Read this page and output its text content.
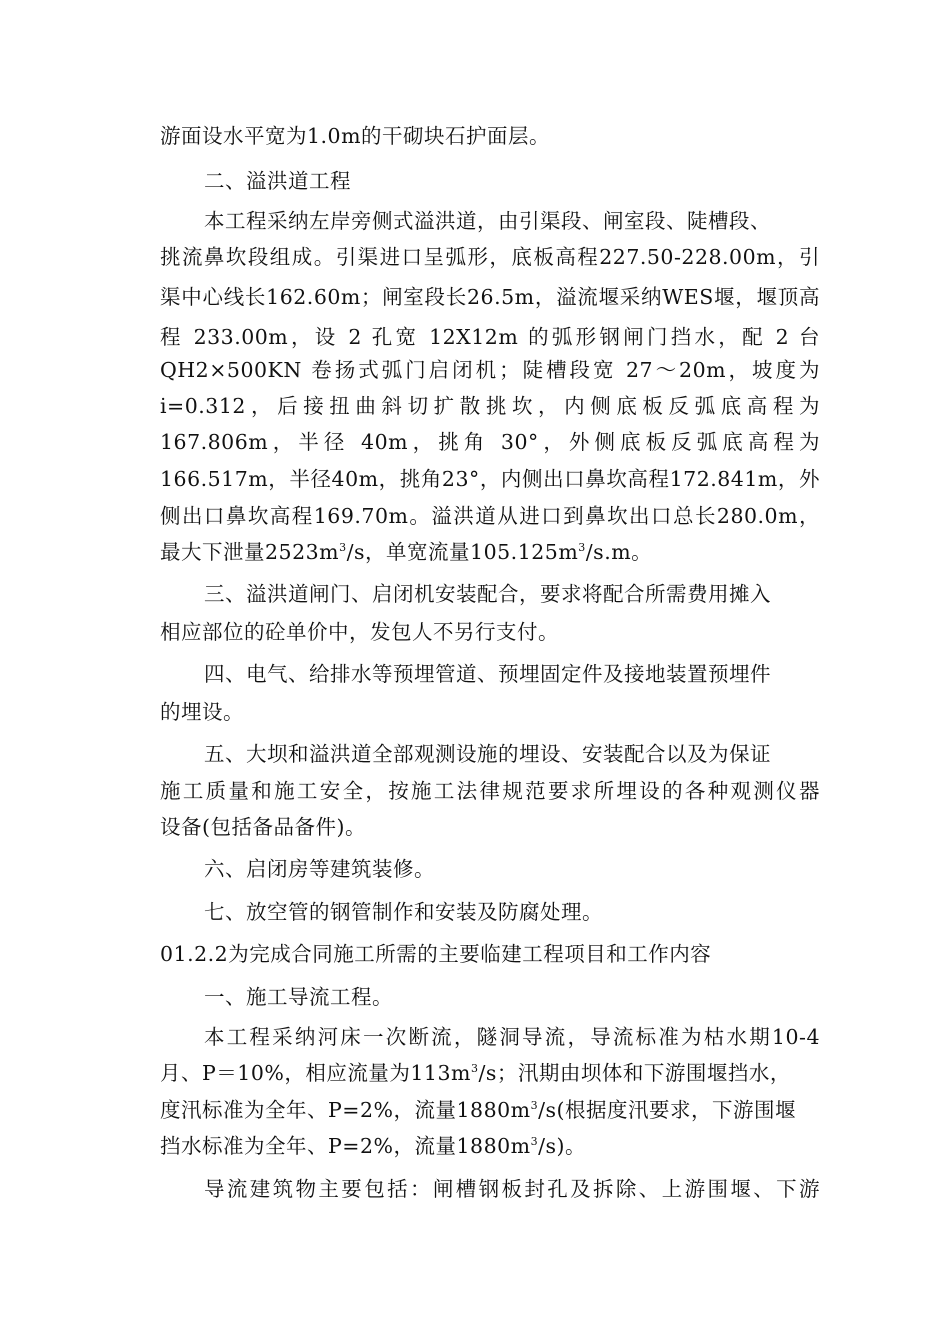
游面设水平宽为1.0m的干砌块石护面层。
二、溢洪道工程
本工程采纳左岸旁侧式溢洪道，由引渠段、闸室段、陡槽段、
挑流鼻坎段组成。引渠进口呈弧形，底板高程227.50-228.00m，引
渠中心线长162.60m；闸室段长26.5m，溢流堰采纳WES堰，堰顶高
程 233.00m，设 2 孔宽 12X12m 的弧形钢闸门挡水，配 2 台
QH2×500KN 卷扬式弧门启闭机；陡槽段宽 27～20m，坡度为
i=0.312，后接扭曲斜切扩散挑坎，内侧底板反弧底高程为
167.806m，半径 40m，挑角 30°，外侧底板反弧底高程为
166.517m，半径40m，挑角23°，内侧出口鼻坎高程172.841m，外
侧出口鼻坎高程169.70m。溢洪道从进口到鼻坎出口总长280.0m，
最大下泄量$2523m^3/s$，单宽流量$105.125m^3/s.m$。
三、溢洪道闸门、启闭机安装配合，要求将配合所需费用摊入
相应部位的砼单价中，发包人不另行支付。
四、电气、给排水等预埋管道、预埋固定件及接地装置预埋件
的埋设。
五、大坝和溢洪道全部观测设施的埋设、安装配合以及为保证
施工质量和施工安全，按施工法律规范要求所埋设的各种观测仪器
设备(包括备品备件)。
六、启闭房等建筑装修。
七、放空管的钢管制作和安装及防腐处理。
01.2.2为完成合同施工所需的主要临建工程项目和工作内容
一、施工导流工程。
本工程采纳河床一次断流，隧洞导流，导流标准为枯水期10-4
月、P＝10%，相应流量为$113m^3/s$；汛期由坝体和下游围堰挡水，
度汛标准为全年、P=2%，流量$1880m^3/s$(根据度汛要求，下游围堰
挡水标准为全年、P=2%，流量$1880m^3/s$)。
导流建筑物主要包括：闸槽钢板封孔及拆除、上游围堰、下游
